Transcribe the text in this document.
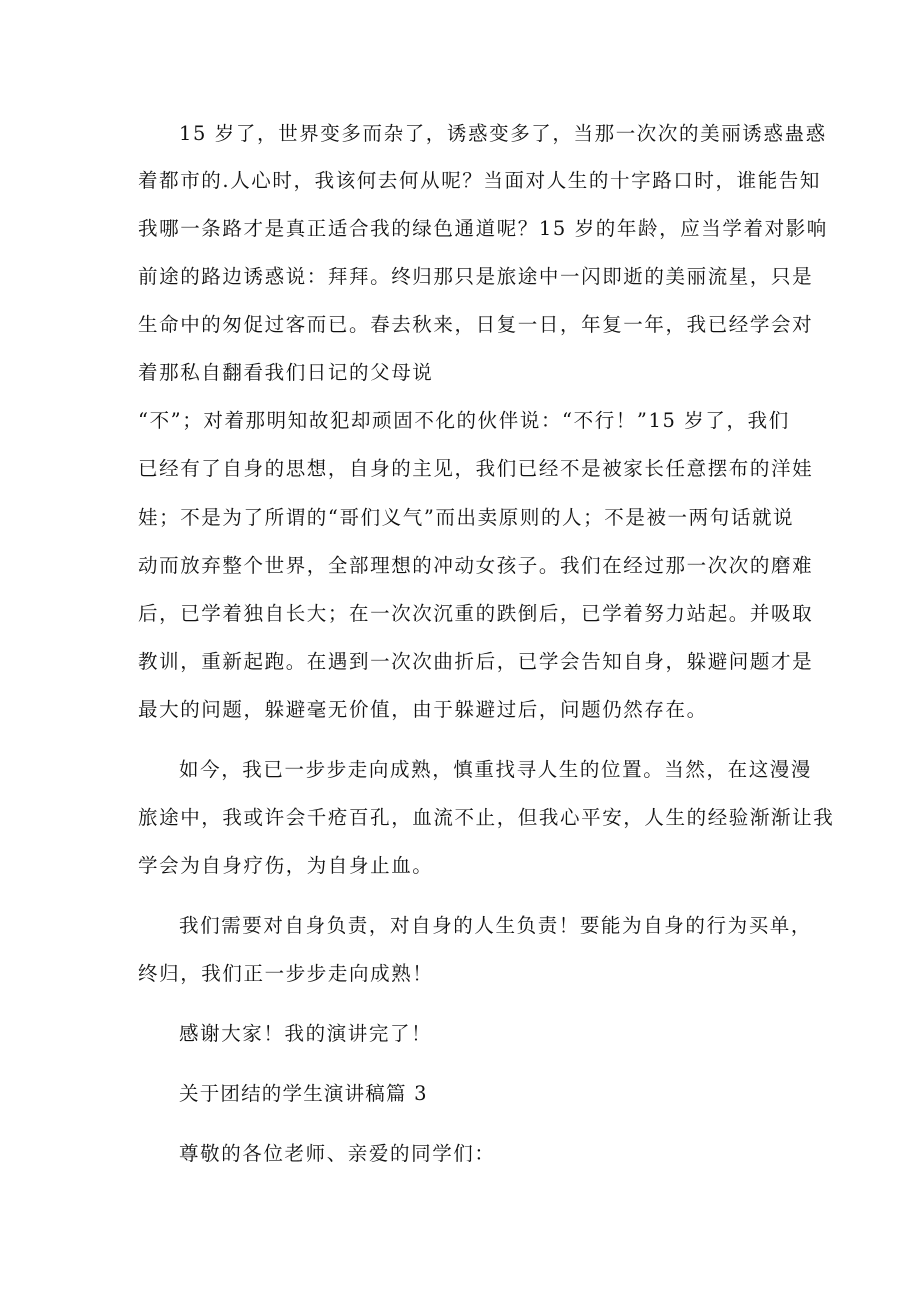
15 岁了，世界变多而杂了，诱惑变多了，当那一次次的美丽诱惑蛊惑
着都市的.人心时，我该何去何从呢？当面对人生的十字路口时，谁能告知
我哪一条路才是真正适合我的绿色通道呢？15 岁的年龄，应当学着对影响
前途的路边诱惑说：拜拜。终归那只是旅途中一闪即逝的美丽流星，只是
生命中的匆促过客而已。春去秋来，日复一日，年复一年，我已经学会对
着那私自翻看我们日记的父母说
“不”；对着那明知故犯却顽固不化的伙伴说：“不行！”15 岁了，我们
已经有了自身的思想，自身的主见，我们已经不是被家长任意摆布的洋娃
娃；不是为了所谓的“哥们义气”而出卖原则的人；不是被一两句话就说
动而放弃整个世界，全部理想的冲动女孩子。我们在经过那一次次的磨难
后，已学着独自长大；在一次次沉重的跌倒后，已学着努力站起。并吸取
教训，重新起跑。在遇到一次次曲折后，已学会告知自身，躲避问题才是
最大的问题，躲避毫无价值，由于躲避过后，问题仍然存在。
如今，我已一步步走向成熟，慎重找寻人生的位置。当然，在这漫漫
旅途中，我或许会千疮百孔，血流不止，但我心平安，人生的经验渐渐让我
学会为自身疗伤，为自身止血。
我们需要对自身负责，对自身的人生负责！要能为自身的行为买单，
终归，我们正一步步走向成熟！
感谢大家！我的演讲完了！
关于团结的学生演讲稿篇 3
尊敬的各位老师、亲爱的同学们：
